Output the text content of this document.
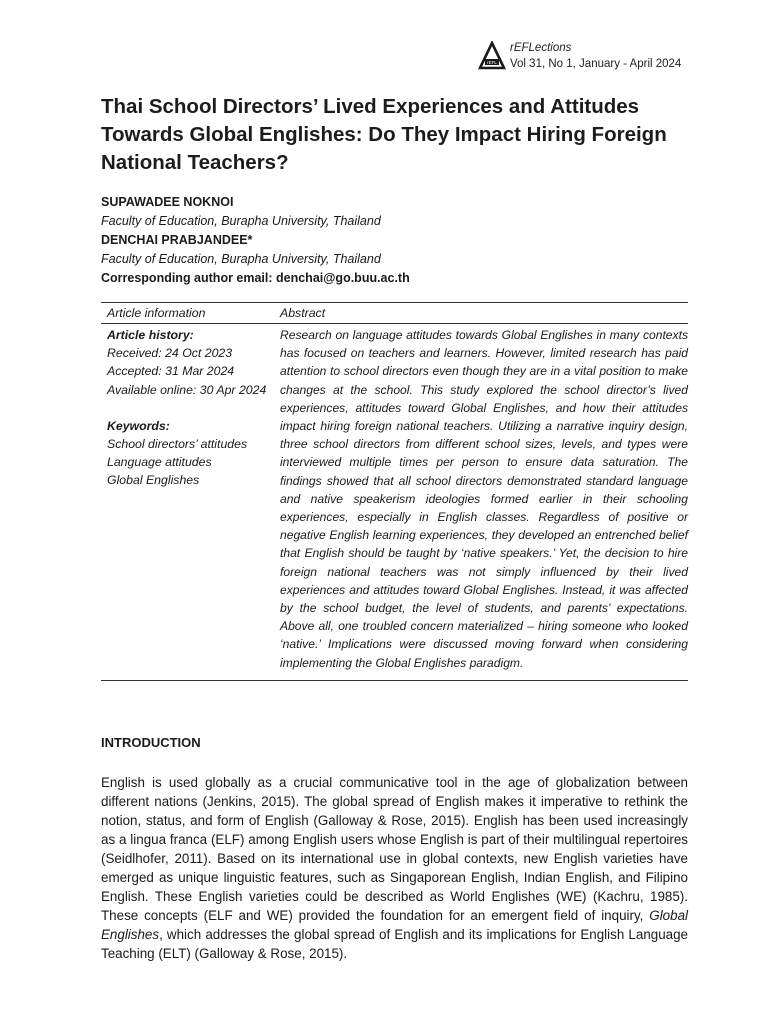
rEFL
rEFLections
Vol 31, No 1, January - April 2024
Thai School Directors’ Lived Experiences and Attitudes Towards Global Englishes: Do They Impact Hiring Foreign National Teachers?
SUPAWADEE NOKNOI
Faculty of Education, Burapha University, Thailand
DENCHAI PRABJANDEE*
Faculty of Education, Burapha University, Thailand
Corresponding author email: denchai@go.buu.ac.th
Article information	Abstract
Article history:
Received: 24 Oct 2023
Accepted: 31 Mar 2024
Available online: 30 Apr 2024
Keywords:
School directors’ attitudes
Language attitudes
Global Englishes

Research on language attitudes towards Global Englishes in many contexts has focused on teachers and learners. However, limited research has paid attention to school directors even though they are in a vital position to make changes at the school. This study explored the school director’s lived experiences, attitudes toward Global Englishes, and how their attitudes impact hiring foreign national teachers. Utilizing a narrative inquiry design, three school directors from different school sizes, levels, and types were interviewed multiple times per person to ensure data saturation. The findings showed that all school directors demonstrated standard language and native speakerism ideologies formed earlier in their schooling experiences, especially in English classes. Regardless of positive or negative English learning experiences, they developed an entrenched belief that English should be taught by ‘native speakers.’ Yet, the decision to hire foreign national teachers was not simply influenced by their lived experiences and attitudes toward Global Englishes. Instead, it was affected by the school budget, the level of students, and parents’ expectations. Above all, one troubled concern materialized – hiring someone who looked ‘native.’ Implications were discussed moving forward when considering implementing the Global Englishes paradigm.

INTRODUCTION

English is used globally as a crucial communicative tool in the age of globalization between different nations (Jenkins, 2015). The global spread of English makes it imperative to rethink the notion, status, and form of English (Galloway & Rose, 2015). English has been used increasingly as a lingua franca (ELF) among English users whose English is part of their multilingual repertoires (Seidlhofer, 2011). Based on its international use in global contexts, new English varieties have emerged as unique linguistic features, such as Singaporean English, Indian English, and Filipino English. These English varieties could be described as World Englishes (WE) (Kachru, 1985). These concepts (ELF and WE) provided the foundation for an emergent field of inquiry, Global Englishes, which addresses the global spread of English and its implications for English Language Teaching (ELT) (Galloway & Rose, 2015).
